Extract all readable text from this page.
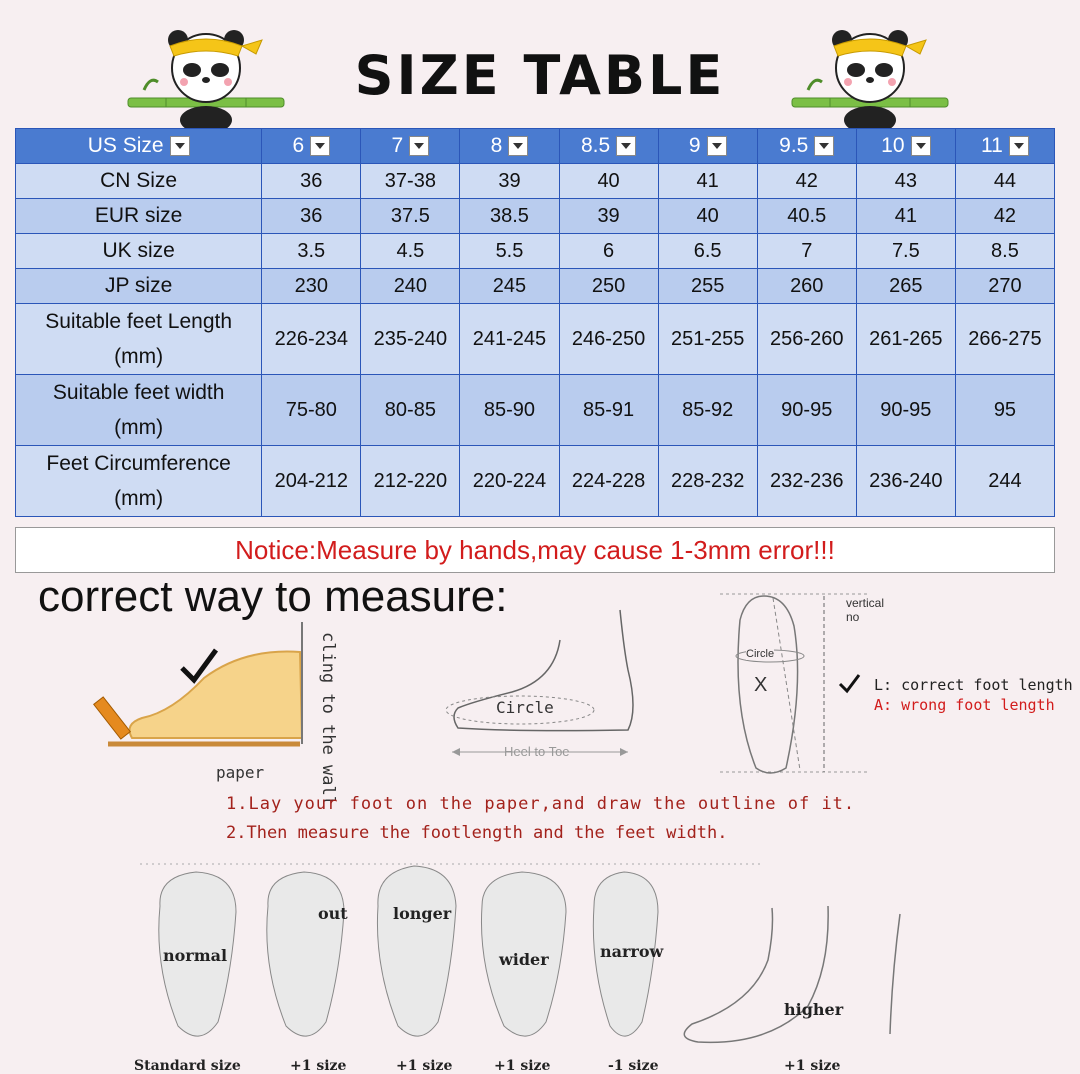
SIZE TABLE
US Size	6	7	8	8.5	9	9.5	10	11
CN Size	36	37-38	39	40	41	42	43	44
EUR size	36	37.5	38.5	39	40	40.5	41	42
UK size	3.5	4.5	5.5	6	6.5	7	7.5	8.5
JP size	230	240	245	250	255	260	265	270
Suitable feet Length
(mm)	226-234	235-240	241-245	246-250	251-255	256-260	261-265	266-275
Suitable feet width
(mm)	75-80	80-85	85-90	85-91	85-92	90-95	90-95	95
Feet Circumference
(mm)	204-212	212-220	220-224	224-228	228-232	232-236	236-240	244
Notice:Measure by hands,may cause 1-3mm error!!!
correct way to measure:
paper	cling to the wall	Circle
Heel to Toe
Circle
vertical
no
X	L: correct foot length
A: wrong foot length
1.Lay your foot on the paper,and draw the outline of it.
2.Then measure the footlength and the feet width.
normal
out	longer
wider	narrow
higher
Standard size	+1 size	+1 size	+1 size	-1 size	+1 size
